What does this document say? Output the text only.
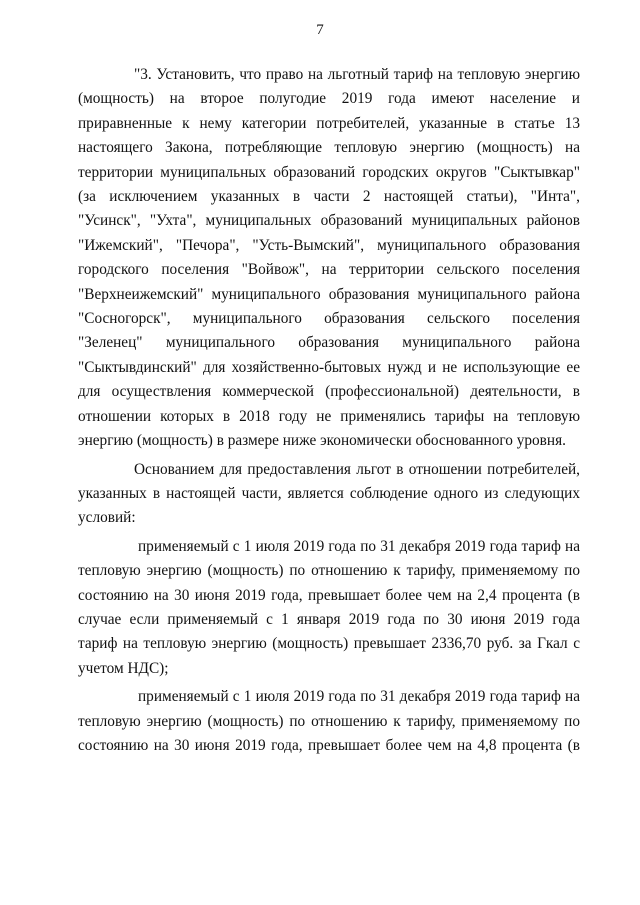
7

"3. Установить, что право на льготный тариф на тепловую энергию
(мощность) на второе полугодие 2019 года имеют население и
приравненные к нему категории потребителей, указанные в статье 13
настоящего Закона, потребляющие тепловую энергию (мощность) на
территории муниципальных образований городских округов "Сыктывкар"
(за исключением указанных в части 2 настоящей статьи), "Инта",
"Усинск", "Ухта", муниципальных образований муниципальных районов
"Ижемский", "Печора", "Усть-Вымский", муниципального образования
городского поселения "Войвож", на территории сельского поселения
"Верхнеижемский" муниципального образования муниципального района
"Сосногорск", муниципального образования сельского поселения
"Зеленец" муниципального образования муниципального района
"Сыктывдинский" для хозяйственно-бытовых нужд и не использующие ее
для осуществления коммерческой (профессиональной) деятельности, в
отношении которых в 2018 году не применялись тарифы на тепловую
энергию (мощность) в размере ниже экономически обоснованного уровня.

Основанием для предоставления льгот в отношении потребителей,
указанных в настоящей части, является соблюдение одного из следующих
условий:

применяемый с 1 июля 2019 года по 31 декабря 2019 года тариф на
тепловую энергию (мощность) по отношению к тарифу, применяемому по
состоянию на 30 июня 2019 года, превышает более чем на 2,4 процента (в
случае если применяемый с 1 января 2019 года по 30 июня 2019 года
тариф на тепловую энергию (мощность) превышает 2336,70 руб. за Гкал с
учетом НДС);

применяемый с 1 июля 2019 года по 31 декабря 2019 года тариф на
тепловую энергию (мощность) по отношению к тарифу, применяемому по
состоянию на 30 июня 2019 года, превышает более чем на 4,8 процента (в
